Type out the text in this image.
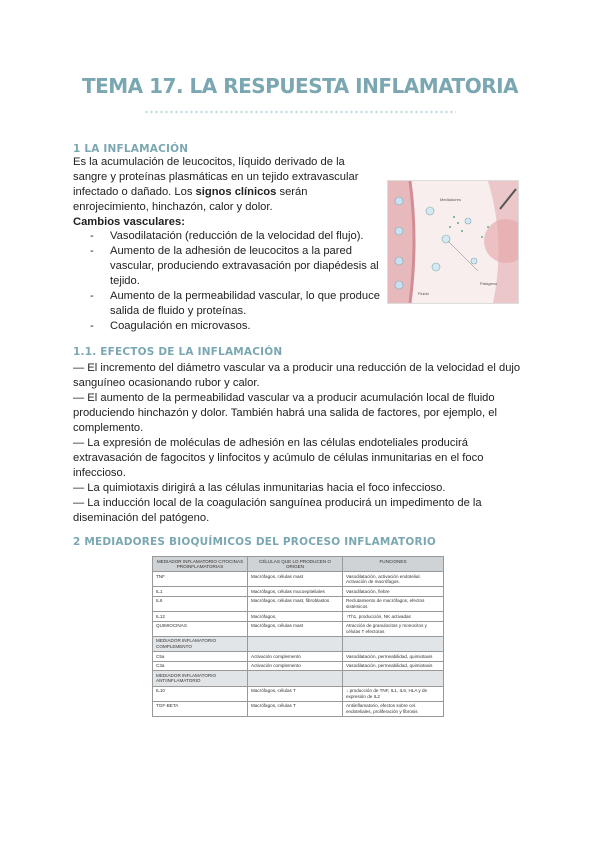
TEMA 17. LA RESPUESTA INFLAMATORIA
1 LA INFLAMACIÓN
Es la acumulación de leucocitos, líquido derivado de la
sangre y proteínas plasmáticas en un tejido extravascular
infectado o dañado. Los signos clínicos serán
enrojecimiento, hinchazón, calor y dolor.
Cambios vasculares:
- Vasodilatación (reducción de la velocidad del flujo).
- Aumento de la adhesión de leucocitos a la pared vascular, produciendo extravasación por diapédesis al tejido.
- Aumento de la permeabilidad vascular, lo que produce salida de fluido y proteínas.
- Coagulación en microvasos.
Mediadores
Fluido
Patógeno
1.1. EFECTOS DE LA INFLAMACIÓN

— El incremento del diámetro vascular va a producir una reducción de la velocidad el dujo sanguíneo ocasionando rubor y calor.

— El aumento de la permeabilidad vascular va a producir acumulación local de fluido produciendo hinchazón y dolor. También habrá una salida de factores, por ejemplo, el complemento.

— La expresión de moléculas de adhesión en las células endoteliales producirá extravasación de fagocitos y linfocitos y acúmulo de células inmunitarias en el foco infeccioso.

— La quimiotaxis dirigirá a las células inmunitarias hacia el foco infeccioso.

— La inducción local de la coagulación sanguínea producirá un impedimento de la diseminación del patógeno.

2 MEDIADORES BIOQUÍMICOS DEL PROCESO INFLAMATORIO
MEDIADOR INFLAMATORIO CITOCINAS PROINFLAMATORIAS	CÉLULAS QUE LO PRODUCEN O ORIGEN	FUNCIONES
TNF	Macrófagos, células mast	Vasodilatación, activación endotelial. Activación de macrófagos.
IL1	Macrófagos, células mucoepiteliales	Vasodilatación, fiebre
IL6	Macrófagos, células mast, fibroblastos	Reclutamiento de macrófagos, efectos sistémicos
IL12	Macrófagos,	↑Th1, producción, NK activadas
QUIMIOCINAS	Macrófagos, células mast	Atracción de granulocitos y monocitos y células T efectoras
MEDIADOR INFLAMATORIO COMPLEMENTO		
C5a	Activación complemento	Vasodilatación, permeabilidad, quimiotaxis
C3a	Activación complemento	Vasodilatación, permeabilidad, quimiotaxis
MEDIADOR INFLAMATORIO ANTIINFLAMATORIO		
IL10	Macrófagos, células T	↓ producción de TNF, IL1, IL6, HLA y de expresión de IL2
TGF-BETA	Macrófagos, células T	Antiinflamatorio, efectos sobre cel. endoteliales, proliferación y fibrosis
